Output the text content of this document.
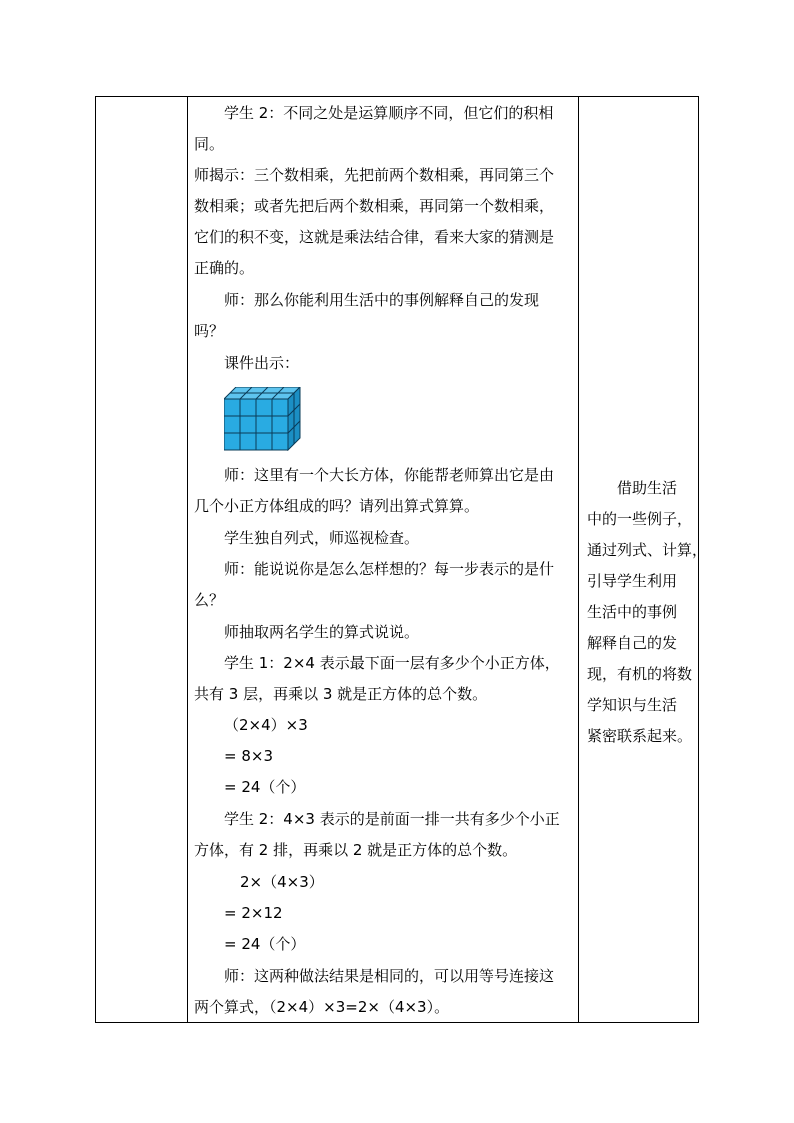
学生 2：不同之处是运算顺序不同，但它们的积相
同。
师揭示：三个数相乘，先把前两个数相乘，再同第三个
数相乘；或者先把后两个数相乘，再同第一个数相乘，
它们的积不变，这就是乘法结合律，看来大家的猜测是
正确的。
师：那么你能利用生活中的事例解释自己的发现
吗？
课件出示：
师：这里有一个大长方体，你能帮老师算出它是由
几个小正方体组成的吗？请列出算式算算。
学生独自列式，师巡视检查。
师：能说说你是怎么怎样想的？每一步表示的是什
么？
师抽取两名学生的算式说说。
学生 1：2×4 表示最下面一层有多少个小正方体，
共有 3 层，再乘以 3 就是正方体的总个数。
（2×4）×3
= 8×3
= 24（个）
学生 2：4×3 表示的是前面一排一共有多少个小正
方体，有 2 排，再乘以 2 就是正方体的总个数。
2×（4×3）
= 2×12
= 24（个）
师：这两种做法结果是相同的，可以用等号连接这
两个算式，（2×4）×3=2×（4×3）。
借助生活
中的一些例子，
通过列式、计算，
引导学生利用
生活中的事例
解释自己的发
现，有机的将数
学知识与生活
紧密联系起来。
